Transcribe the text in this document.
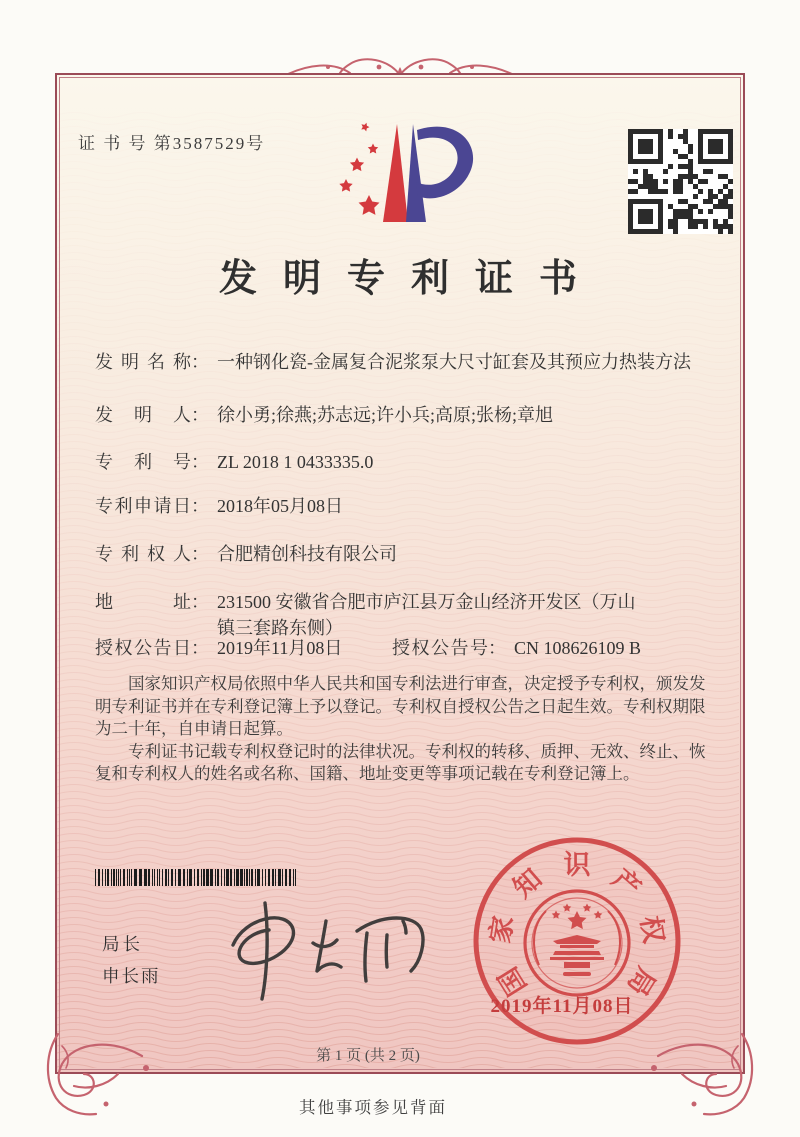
证 书 号 第3587529号
发明专利证书
发明名称 ： 一种钢化瓷-金属复合泥浆泵大尺寸缸套及其预应力热装方法
发明人 ： 徐小勇;徐燕;苏志远;许小兵;高原;张杨;章旭
专利号 ： ZL 2018 1 0433335.0
专利申请日 ： 2018年05月08日
专利权人 ： 合肥精创科技有限公司
地址 ： 231500 安徽省合肥市庐江县万金山经济开发区（万山镇三套路东侧）
授权公告日 ： 2019年11月08日	授权公告号 ： CN 108626109 B

国家知识产权局依照中华人民共和国专利法进行审查，决定授予专利权，颁发发明专利证书并在专利登记簿上予以登记。专利权自授权公告之日起生效。专利权期限为二十年，自申请日起算。

专利证书记载专利权登记时的法律状况。专利权的转移、质押、无效、终止、恢复和专利权人的姓名或名称、国籍、地址变更等事项记载在专利登记簿上。

局长
申长雨	国
家
知 识 产
权
局
2019年11月08日
第 1 页 (共 2 页)
其他事项参见背面
